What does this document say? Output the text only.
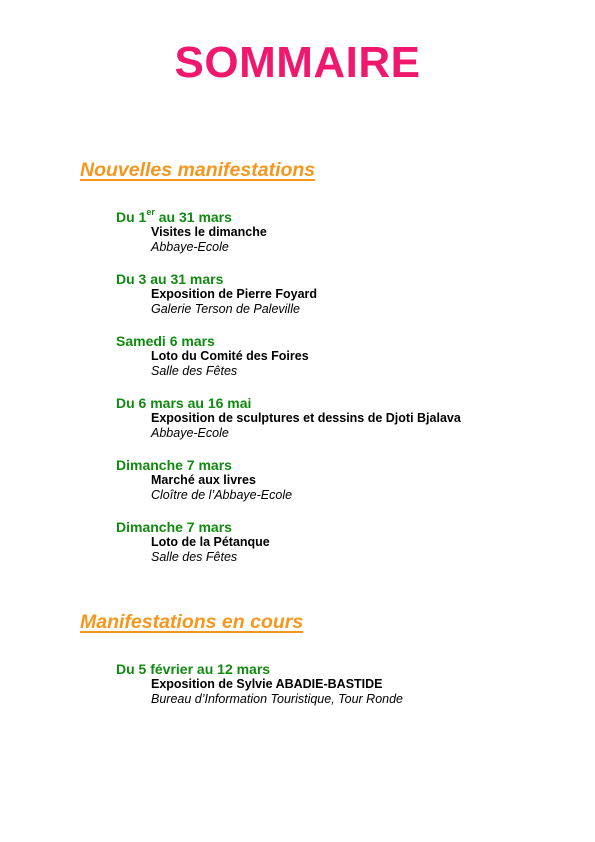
SOMMAIRE
Nouvelles manifestations
Du 1er au 31 mars
Visites le dimanche
Abbaye-Ecole
Du 3 au 31 mars
Exposition de Pierre Foyard
Galerie Terson de Paleville
Samedi 6 mars
Loto du Comité des Foires
Salle des Fêtes
Du 6 mars au 16 mai
Exposition de sculptures et dessins de Djoti Bjalava
Abbaye-Ecole
Dimanche 7 mars
Marché aux livres
Cloître de l’Abbaye-Ecole
Dimanche 7 mars
Loto de la Pétanque
Salle des Fêtes
Manifestations en cours
Du 5 février au 12 mars
Exposition de Sylvie ABADIE-BASTIDE
Bureau d’Information Touristique, Tour Ronde
